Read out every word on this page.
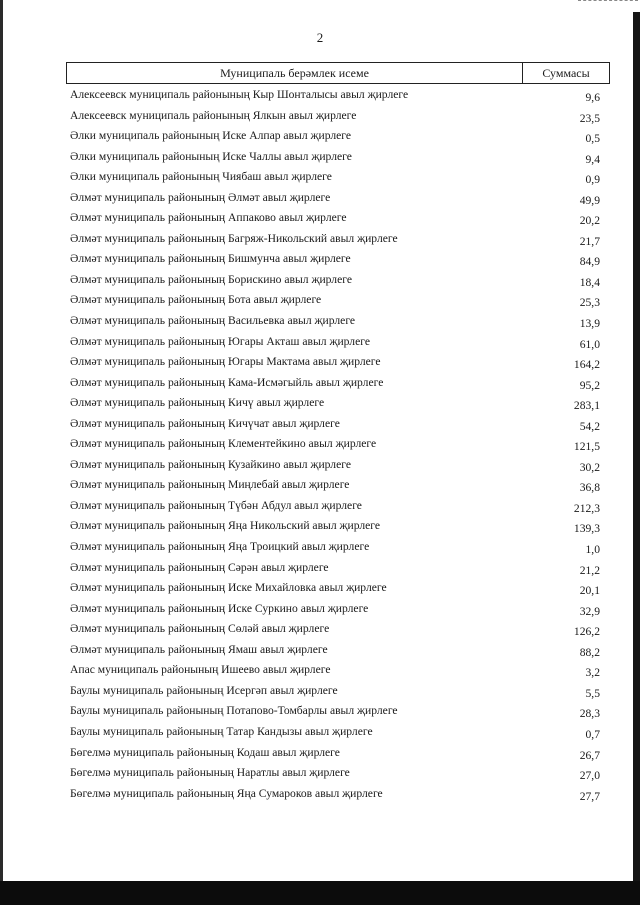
2
Муниципаль берәмлек исеме	Суммасы
Алексеевск муниципаль районының Кыр Шонталысы авыл җирлеге	9,6
Алексеевск муниципаль районының Ялкын авыл җирлеге	23,5
Әлки муниципаль районының Иске Алпар авыл җирлеге	0,5
Әлки муниципаль районының Иске Чаллы авыл җирлеге	9,4
Әлки муниципаль районының Чиябаш авыл җирлеге	0,9
Әлмәт муниципаль районының Әлмәт авыл җирлеге	49,9
Әлмәт муниципаль районының Аппаково авыл җирлеге	20,2
Әлмәт муниципаль районының Багряж-Никольский авыл җирлеге	21,7
Әлмәт муниципаль районының Бишмунча авыл җирлеге	84,9
Әлмәт муниципаль районының Борискино авыл җирлеге	18,4
Әлмәт муниципаль районының Бота авыл җирлеге	25,3
Әлмәт муниципаль районының Васильевка авыл җирлеге	13,9
Әлмәт муниципаль районының Югары Акташ авыл җирлеге	61,0
Әлмәт муниципаль районының Югары Мактама авыл җирлеге	164,2
Әлмәт муниципаль районының Кама-Исмәгыйль авыл җирлеге	95,2
Әлмәт муниципаль районының Кичү авыл җирлеге	283,1
Әлмәт муниципаль районының Кичүчат авыл җирлеге	54,2
Әлмәт муниципаль районының Клементейкино авыл җирлеге	121,5
Әлмәт муниципаль районының Кузайкино авыл җирлеге	30,2
Әлмәт муниципаль районының Миңлебай авыл җирлеге	36,8
Әлмәт муниципаль районының Түбән Абдул авыл җирлеге	212,3
Әлмәт муниципаль районының Яңа Никольский авыл җирлеге	139,3
Әлмәт муниципаль районының Яңа Троицкий авыл җирлеге	1,0
Әлмәт муниципаль районының Сәрән авыл җирлеге	21,2
Әлмәт муниципаль районының Иске Михайловка авыл җирлеге	20,1
Әлмәт муниципаль районының Иске Суркино авыл җирлеге	32,9
Әлмәт муниципаль районының Сөләй авыл җирлеге	126,2
Әлмәт муниципаль районының Ямаш авыл җирлеге	88,2
Апас муниципаль районының Ишеево авыл җирлеге	3,2
Баулы муниципаль районының Исергәп авыл җирлеге	5,5
Баулы муниципаль районының Потапово-Томбарлы авыл җирлеге	28,3
Баулы муниципаль районының Татар Кандызы авыл җирлеге	0,7
Бөгелмә муниципаль районының Кодаш авыл җирлеге	26,7
Бөгелмә муниципаль районының Наратлы авыл җирлеге	27,0
Бөгелмә муниципаль районының Яңа Сумароков авыл җирлеге	27,7
